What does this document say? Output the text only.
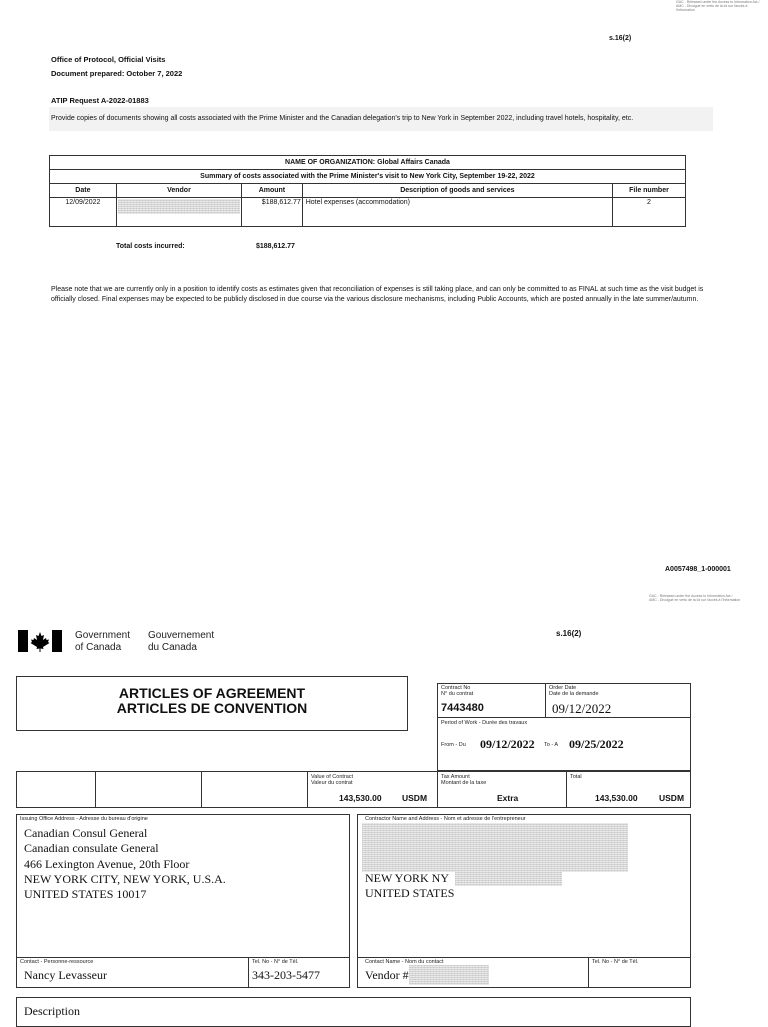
GAC - Released under the Access to Information Act /
AMC - Divulgué en vertu de la loi sur l'accès à l'information
s.16(2)
Office of Protocol, Official Visits
Document prepared: October 7, 2022
ATIP Request A-2022-01883
Provide copies of documents showing all costs associated with the Prime Minister and the Canadian delegation's trip to New York in September 2022, including travel hotels, hospitality, etc.
NAME OF ORGANIZATION: Global Affairs Canada				
Summary of costs associated with the Prime Minister's visit to New York City, September 19-22, 2022				
Date	Vendor	Amount	Description of goods and services	File number
12/09/2022		$188,612.77	Hotel expenses (accommodation)	2
Total costs incurred:	$188,612.77
Please note that we are currently only in a position to identify costs as estimates given that reconciliation of expenses is still taking place, and can only be committed to as FINAL at such time as the visit budget is officially closed. Final expenses may be expected to be publicly disclosed in due course via the various disclosure mechanisms, including Public Accounts, which are posted annually in the late summer/autumn.
A0057498_1-000001
GAC - Released under the Access to Information Act /
AMC - Divulgué en vertu de la loi sur l'accès à l'information
Government
of Canada
Gouvernement
du Canada
s.16(2)
ARTICLES OF AGREEMENT
ARTICLES DE CONVENTION
Contract No
N° du contrat
7443480
Order Date
Date de la demande
09/12/2022
Period of Work - Durée des travaux
From - Du 09/12/2022 To - A 09/25/2022
Value of Contract
Valeur du contrat
143,530.00 USDM
Tax Amount
Montant de la taxe
Extra
Total
143,530.00	USDM
Issuing Office Address - Adresse du bureau d'origine
Canadian Consul General
Canadian consulate General
466 Lexington Avenue, 20th Floor
NEW YORK CITY, NEW YORK, U.S.A.
UNITED STATES 10017
Contact - Personne-ressource
Nancy Levasseur
Tel. No - N° de Tél.
343-203-5477
Contractor Name and Address - Nom et adresse de l'entrepreneur
NEW YORK NY
UNITED STATES
Contact Name - Nom du contact
Vendor #
Tel. No - N° de Tél.
Description
